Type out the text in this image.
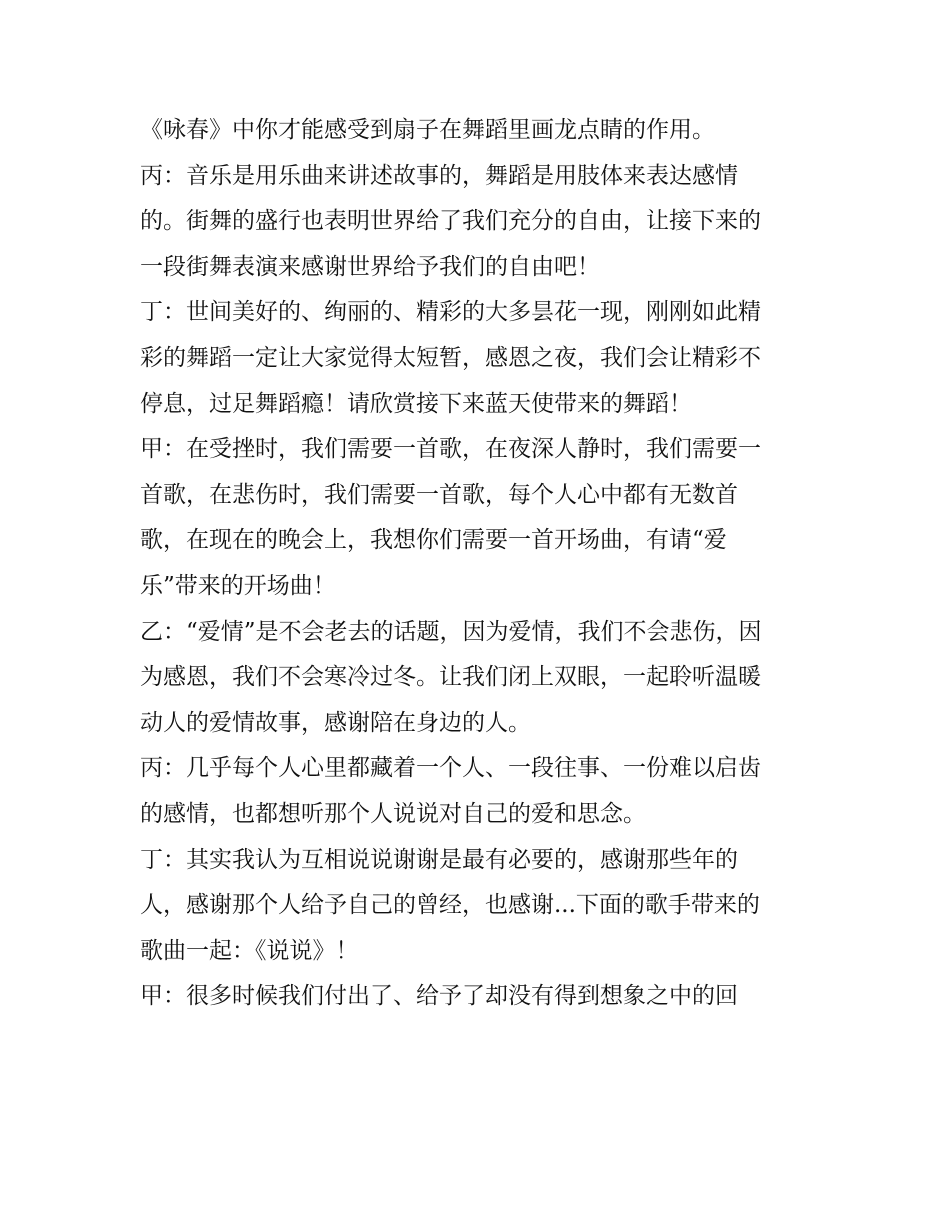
《咏春》中你才能感受到扇子在舞蹈里画龙点睛的作用。
丙：音乐是用乐曲来讲述故事的，舞蹈是用肢体来表达感情
的。街舞的盛行也表明世界给了我们充分的自由，让接下来的
一段街舞表演来感谢世界给予我们的自由吧！
丁：世间美好的、绚丽的、精彩的大多昙花一现，刚刚如此精
彩的舞蹈一定让大家觉得太短暂，感恩之夜，我们会让精彩不
停息，过足舞蹈瘾！请欣赏接下来蓝天使带来的舞蹈！
甲：在受挫时，我们需要一首歌，在夜深人静时，我们需要一
首歌，在悲伤时，我们需要一首歌，每个人心中都有无数首
歌，在现在的晚会上，我想你们需要一首开场曲，有请“爱
乐”带来的开场曲！
乙：“爱情”是不会老去的话题，因为爱情，我们不会悲伤，因
为感恩，我们不会寒冷过冬。让我们闭上双眼，一起聆听温暖
动人的爱情故事，感谢陪在身边的人。
丙：几乎每个人心里都藏着一个人、一段往事、一份难以启齿
的感情，也都想听那个人说说对自己的爱和思念。
丁：其实我认为互相说说谢谢是最有必要的，感谢那些年的
人，感谢那个人给予自己的曾经，也感谢...下面的歌手带来的
歌曲一起：《说说》！
甲：很多时候我们付出了、给予了却没有得到想象之中的回
